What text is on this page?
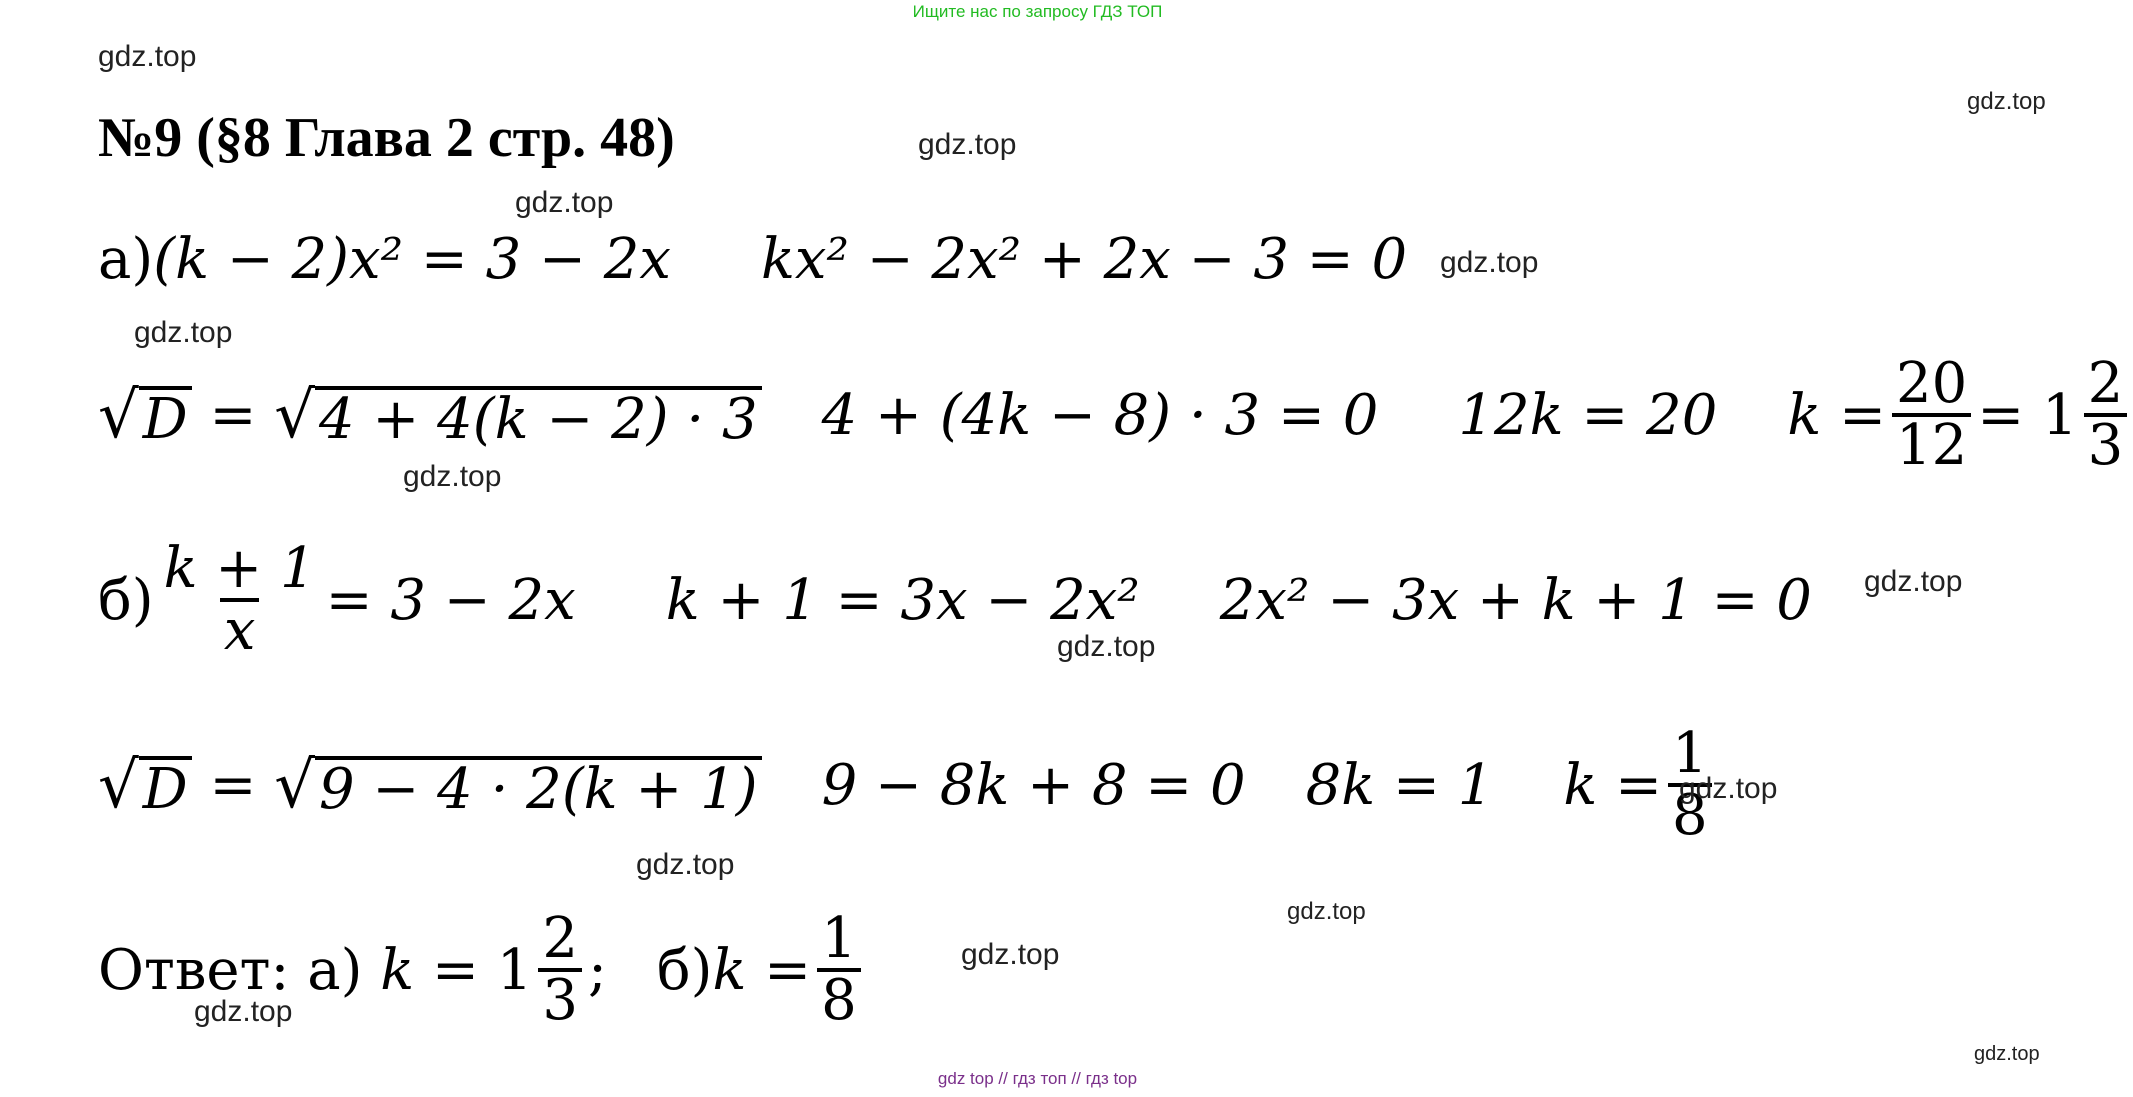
Ищите нас по запросу ГДЗ ТОП
gdz.top
gdz.top
№9 (§8 Глава 2 стр. 48)	gdz.top
gdz.top
а) (k − 2)x² = 3 − 2x kx² − 2x² + 2x − 3 = 0 gdz.top
gdz.top
√ D = √ 4 + 4(k − 2) · 3 4 + (4k − 8) · 3 = 0 12k = 20 $k = \frac{20}{12} = 1 \frac{2}{3}$
gdz.top
$б) \frac{k + 1}{x} = 3 - 2x$ k + 1 = 3x − 2x² 2x² − 3x + k + 1 = 0 gdz.top
gdz.top
√ D = √ 9 − 4 · 2(k + 1) 9 − 8k + 8 = 0 8k = 1 $k = \frac{1}{8}$
gdz.top
gdz.top
gdz.top
gdz.top
Ответ:
а) $k = 1 \frac{2}{3}$ ; б) $k = \frac{1}{8}$
gdz.top
gdz.top
gdz top // гдз топ // гдз top
